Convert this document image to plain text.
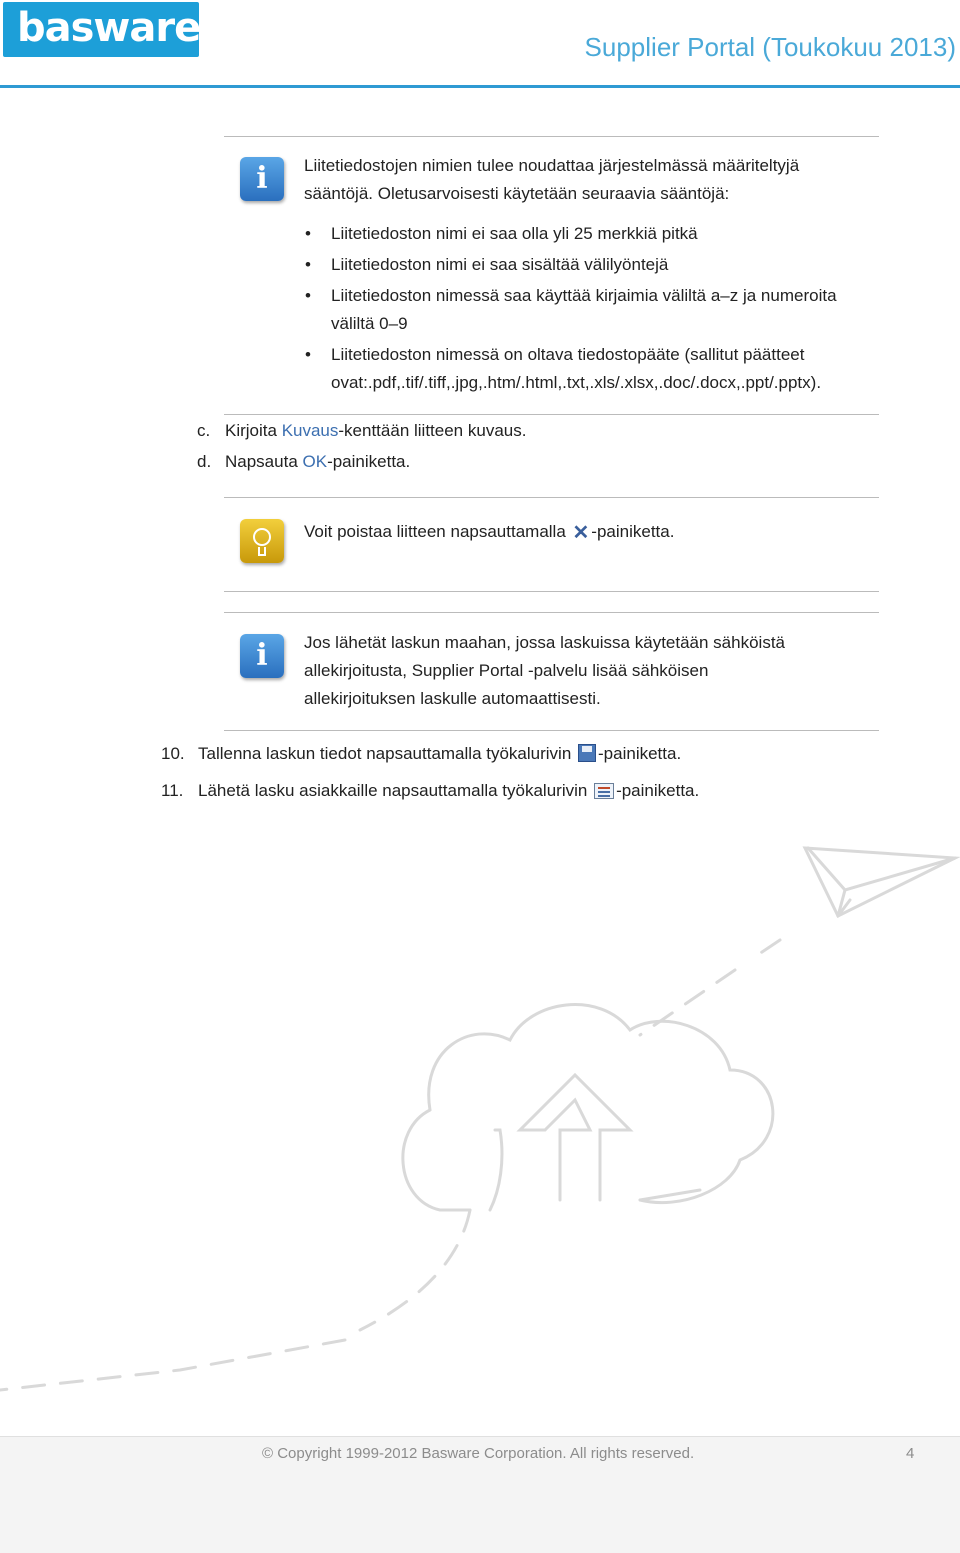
basware	Supplier Portal (Toukokuu 2013)
i	Liitetiedostojen nimien tulee noudattaa järjestelmässä määriteltyjä
sääntöjä. Oletusarvoisesti käytetään seuraavia sääntöjä:
• Liitetiedoston nimi ei saa olla yli 25 merkkiä pitkä
• Liitetiedoston nimi ei saa sisältää välilyöntejä
• Liitetiedoston nimessä saa käyttää kirjaimia väliltä a–z ja numeroita
väliltä 0–9
• Liitetiedoston nimessä on oltava tiedostopääte (sallitut päätteet
ovat:.pdf,.tif/.tiff,.jpg,.htm/.html,.txt,.xls/.xlsx,.doc/.docx,.ppt/.pptx).
c. Kirjoita Kuvaus-kenttään liitteen kuvaus.
d. Napsauta OK-painiketta.
Voit poistaa liitteen napsauttamalla ✕ -painiketta.
i	Jos lähetät laskun maahan, jossa laskuissa käytetään sähköistä
allekirjoitusta, Supplier Portal -palvelu lisää sähköisen
allekirjoituksen laskulle automaattisesti.
10. Tallenna laskun tiedot napsauttamalla työkalurivin -painiketta.
11. Lähetä lasku asiakkaille napsauttamalla työkalurivin -painiketta.
© Copyright 1999-2012 Basware Corporation. All rights reserved.	4
